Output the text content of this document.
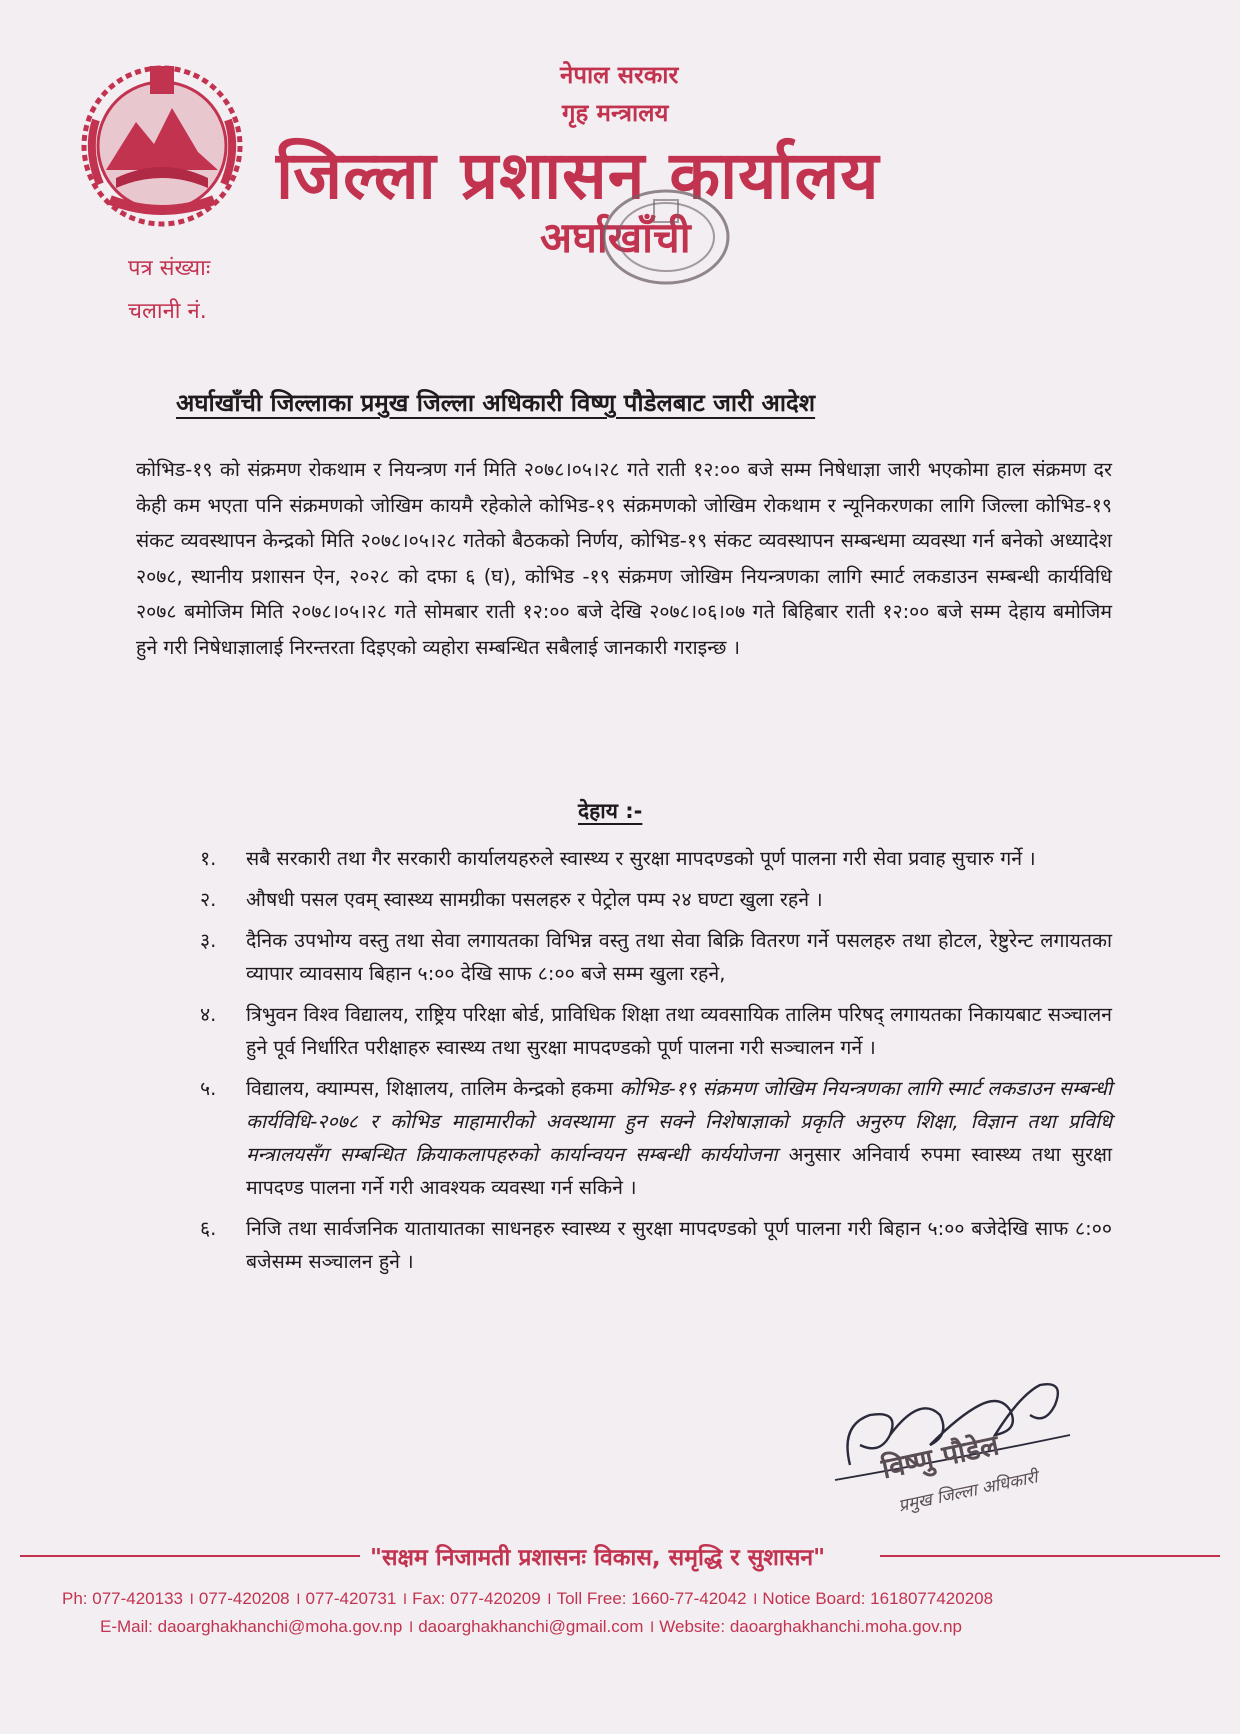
नेपाल सरकार
गृह मन्त्रालय
जिल्ला प्रशासन कार्यालय
अर्घाखाँची
पत्र संख्याः
चलानी नं.
अर्घाखाँची जिल्लाका प्रमुख जिल्ला अधिकारी विष्णु पौडेलबाट जारी आदेश
कोभिड-१९ को संक्रमण रोकथाम र नियन्त्रण गर्न मिति २०७८।०५।२८ गते राती १२:०० बजे सम्म निषेधाज्ञा जारी भएकोमा हाल संक्रमण दर केही कम भएता पनि संक्रमणको जोखिम कायमै रहेकोले कोभिड-१९ संक्रमणको जोखिम रोकथाम र न्यूनिकरणका लागि जिल्ला कोभिड-१९ संकट व्यवस्थापन केन्द्रको मिति २०७८।०५।२८ गतेको बैठकको निर्णय, कोभिड-१९ संकट व्यवस्थापन सम्बन्धमा व्यवस्था गर्न बनेको अध्यादेश २०७८, स्थानीय प्रशासन ऐन, २०२८ को दफा ६ (घ), कोभिड -१९ संक्रमण जोखिम नियन्त्रणका लागि स्मार्ट लकडाउन सम्बन्धी कार्यविधि २०७८ बमोजिम मिति २०७८।०५।२८ गते सोमबार राती १२:०० बजे देखि २०७८।०६।०७ गते बिहिबार राती १२:०० बजे सम्म देहाय बमोजिम हुने गरी निषेधाज्ञालाई निरन्तरता दिइएको व्यहोरा सम्बन्धित सबैलाई जानकारी गराइन्छ ।
देहाय :-
१. सबै सरकारी तथा गैर सरकारी कार्यालयहरुले स्वास्थ्य र सुरक्षा मापदण्डको पूर्ण पालना गरी सेवा प्रवाह सुचारु गर्ने ।
२. औषधी पसल एवम् स्वास्थ्य सामग्रीका पसलहरु र पेट्रोल पम्प २४ घण्टा खुला रहने ।
३. दैनिक उपभोग्य वस्तु तथा सेवा लगायतका विभिन्न वस्तु तथा सेवा बिक्रि वितरण गर्ने पसलहरु तथा होटल, रेष्टुरेन्ट लगायतका व्यापार व्यावसाय बिहान ५:०० देखि साफ ८:०० बजे सम्म खुला रहने,
४. त्रिभुवन विश्व विद्यालय, राष्ट्रिय परिक्षा बोर्ड, प्राविधिक शिक्षा तथा व्यवसायिक तालिम परिषद् लगायतका निकायबाट सञ्चालन हुने पूर्व निर्धारित परीक्षाहरु स्वास्थ्य तथा सुरक्षा मापदण्डको पूर्ण पालना गरी सञ्चालन गर्ने ।
५. विद्यालय, क्याम्पस, शिक्षालय, तालिम केन्द्रको हकमा कोभिड-१९ संक्रमण जोखिम नियन्त्रणका लागि स्मार्ट लकडाउन सम्बन्धी कार्यविधि-२०७८ र कोभिड माहामारीको अवस्थामा हुन सक्ने निशेषाज्ञाको प्रकृति अनुरुप शिक्षा, विज्ञान तथा प्रविधि मन्त्रालयसँग सम्बन्धित क्रियाकलापहरुको कार्यान्वयन सम्बन्धी कार्ययोजना अनुसार अनिवार्य रुपमा स्वास्थ्य तथा सुरक्षा मापदण्ड पालना गर्ने गरी आवश्यक व्यवस्था गर्न सकिने ।
६. निजि तथा सार्वजनिक यातायातका साधनहरु स्वास्थ्य र सुरक्षा मापदण्डको पूर्ण पालना गरी बिहान ५:०० बजेदेखि साफ ८:०० बजेसम्म सञ्चालन हुने ।
विष्णु पौडेल
प्रमुख जिल्ला अधिकारी
"सक्षम निजामती प्रशासनः विकास, समृद्धि र सुशासन"
Ph: 077-420133 । 077-420208 । 077-420731 । Fax: 077-420209 । Toll Free: 1660-77-42042 । Notice Board: 1618077420208
E-Mail: daoarghakhanchi@moha.gov.np । daoarghakhanchi@gmail.com । Website: daoarghakhanchi.moha.gov.np
